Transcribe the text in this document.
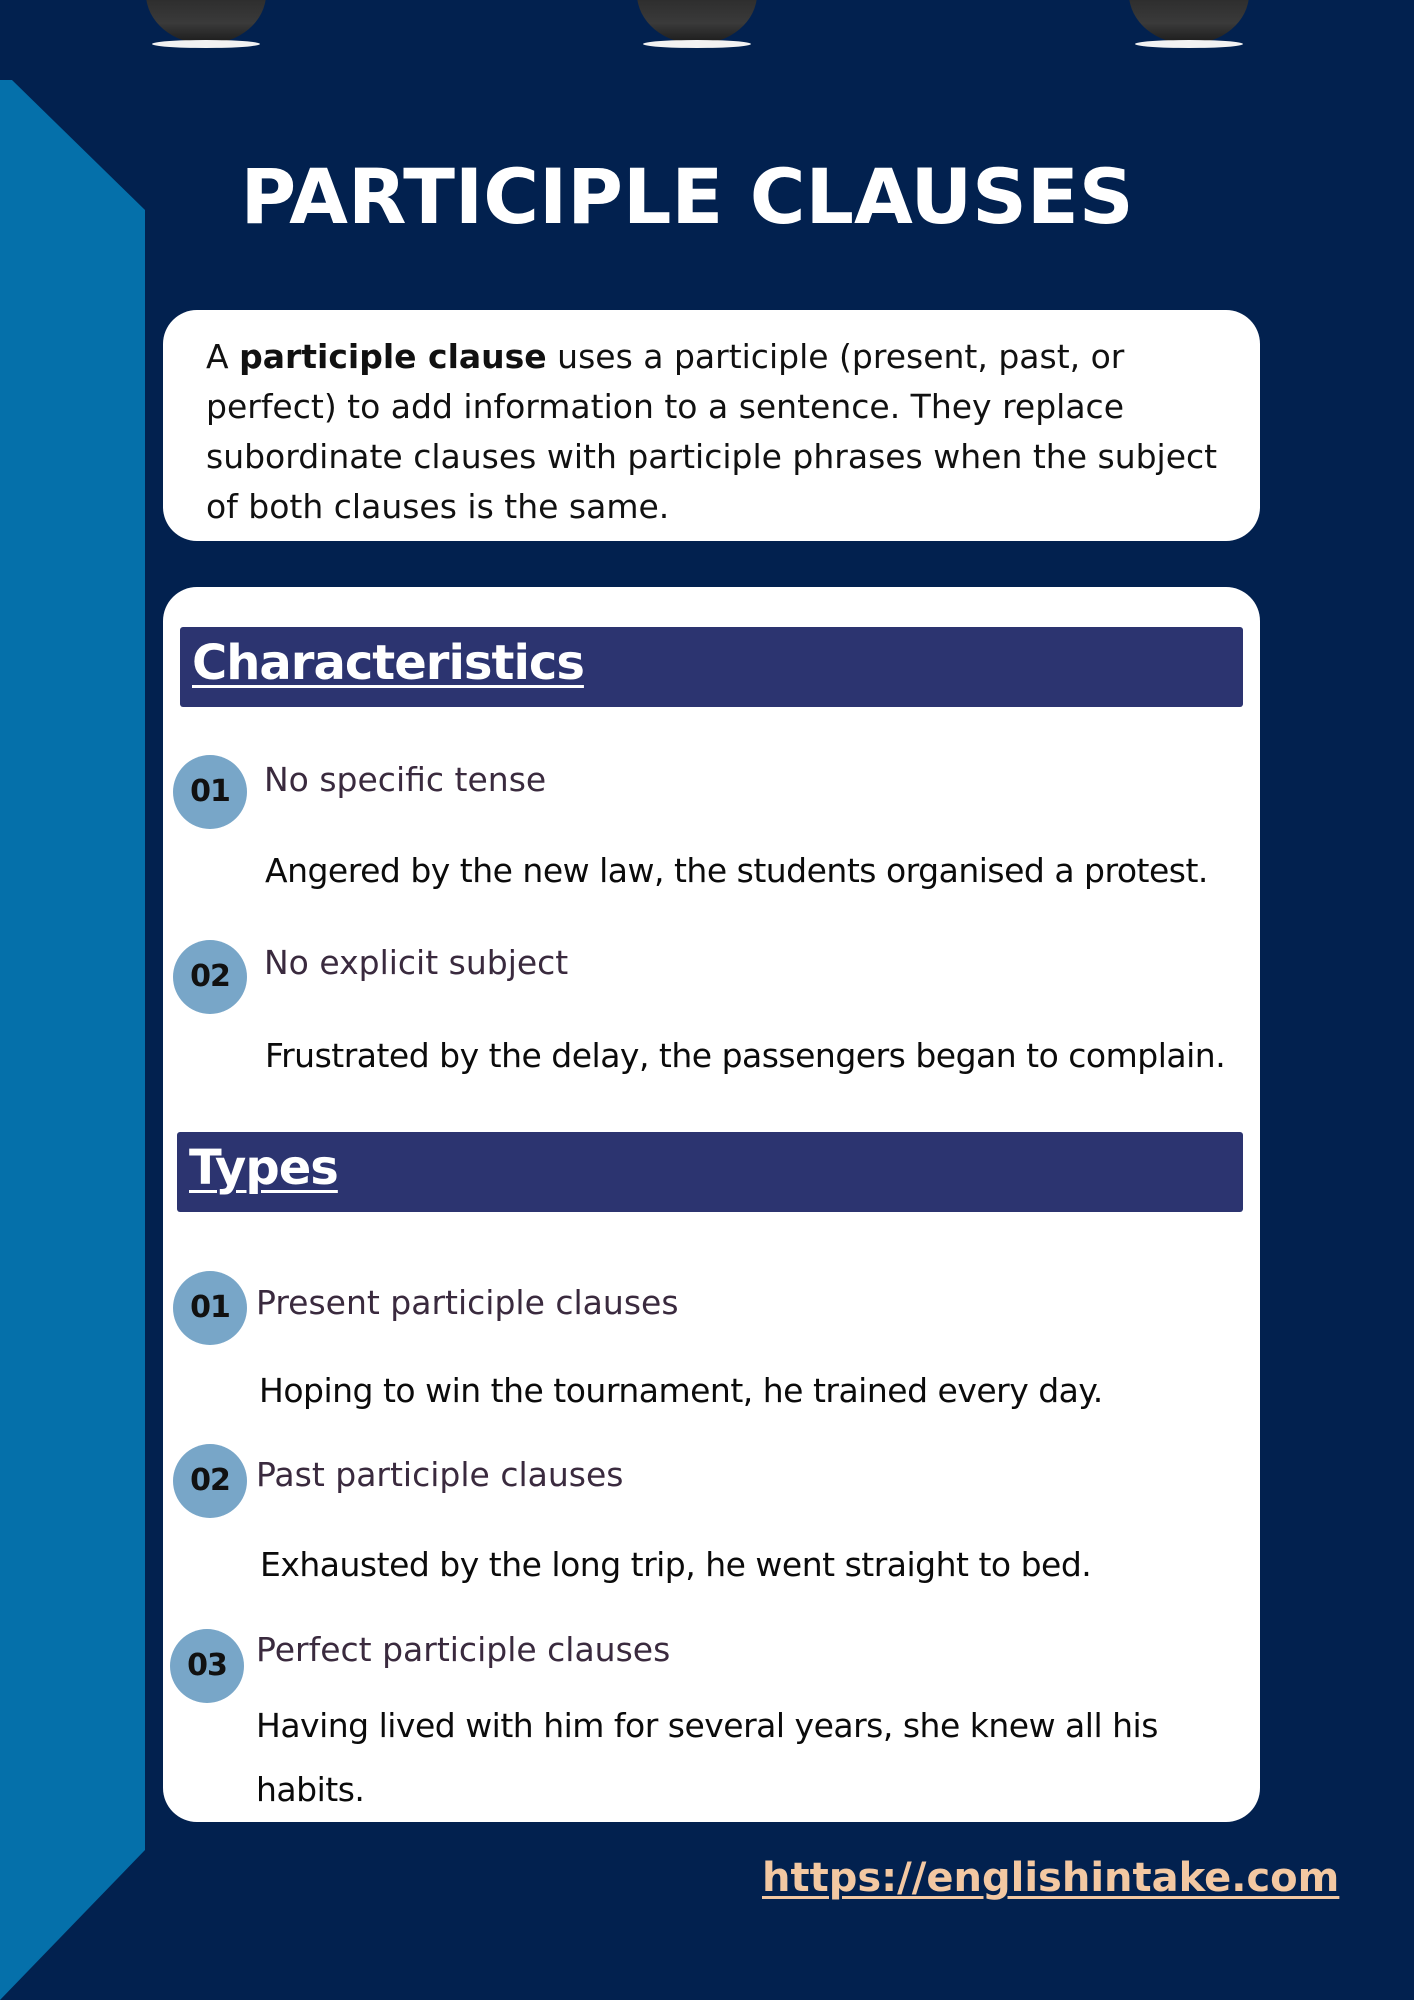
PARTICIPLE CLAUSES
A participle clause uses a participle (present, past, or perfect) to add information to a sentence. They replace subordinate clauses with participle phrases when the subject of both clauses is the same.
Characteristics
01	No specific tense
Angered by the new law, the students organised a protest.
02	No explicit subject
Frustrated by the delay, the passengers began to complain.
Types
01 Present participle clauses
Hoping to win the tournament, he trained every day.
02 Past participle clauses
Exhausted by the long trip, he went straight to bed.
03 Perfect participle clauses
Having lived with him for several years, she knew all his habits.
https://englishintake.com
